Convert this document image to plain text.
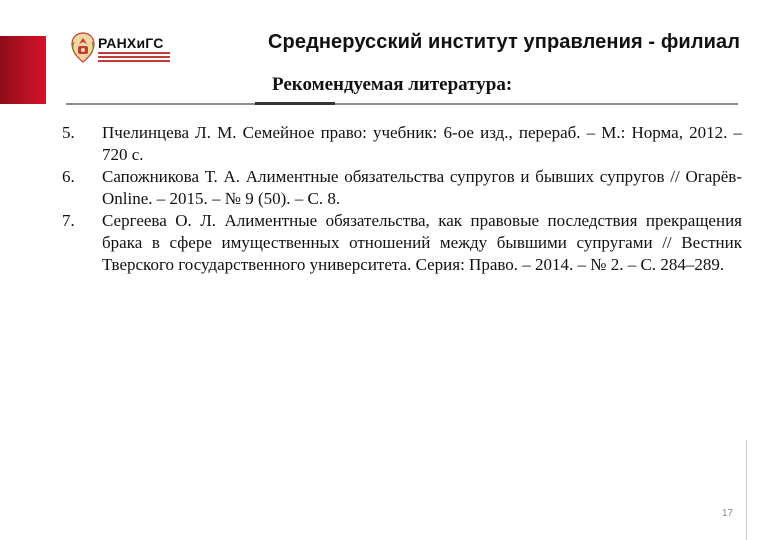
РАНХиГС	Среднерусский институт управления - филиал
Рекомендуемая литература:
5. Пчелинцева Л. М. Семейное право: учебник: 6-ое изд., перераб. – М.: Норма, 2012. – 720 с.
6. Сапожникова Т. А. Алиментные обязательства супругов и бывших супругов // Огарёв-Online. – 2015. – № 9 (50). – С. 8.
7. Сергеева О. Л. Алиментные обязательства, как правовые последствия прекращения брака в сфере имущественных отношений между бывшими супругами // Вестник Тверского государственного университета. Серия: Право. – 2014. – № 2. – С. 284–289.
17
